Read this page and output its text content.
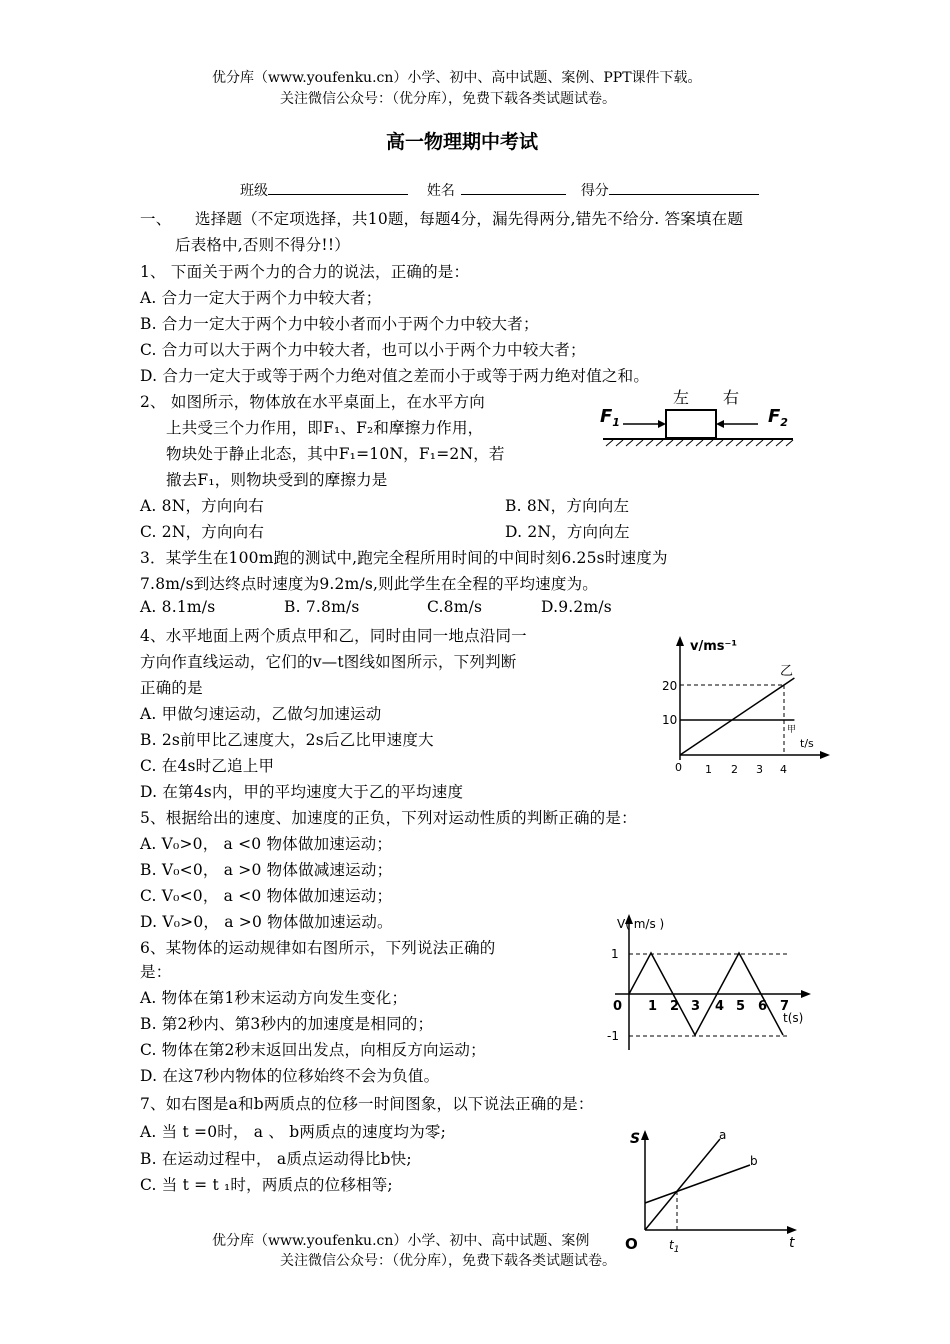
优分库（www.youfenku.cn）小学、初中、高中试题、案例、PPT课件下载。
关注微信公众号：（优分库），免费下载各类试题试卷。
高一物理期中考试
班级	姓名	得分
一、　　选择题（不定项选择，共10题，每题4分，漏先得两分,错先不给分. 答案填在题
后表格中,否则不得分!!）
1、 下面关于两个力的合力的说法，正确的是：
A. 合力一定大于两个力中较大者；
B. 合力一定大于两个力中较小者而小于两个力中较大者；
C. 合力可以大于两个力中较大者，也可以小于两个力中较大者；
D. 合力一定大于或等于两个力绝对值之差而小于或等于两力绝对值之和。
2、 如图所示，物体放在水平桌面上，在水平方向
上共受三个力作用，即F₁、F₂和摩擦力作用，
物块处于静止北态，其中F₁=10N，F₁=2N，若
撤去F₁，则物块受到的摩擦力是
A. 8N，方向向右	B. 8N，方向向左
C. 2N，方向向右	D. 2N，方向向左
左 右
$F_1$	$F_2$
3．某学生在100m跑的测试中,跑完全程所用时间的中间时刻6.25s时速度为
7.8m/s到达终点时速度为9.2m/s,则此学生在全程的平均速度为。
A. 8.1m/s	B. 7.8m/s	C.8m/s	D.9.2m/s
4、水平地面上两个质点甲和乙，同时由同一地点沿同一
方向作直线运动，它们的v—t图线如图所示，下列判断
正确的是
A. 甲做匀速运动，乙做匀加速运动
B. 2s前甲比乙速度大，2s后乙比甲速度大
C. 在4s时乙追上甲
D. 在第4s内，甲的平均速度大于乙的平均速度
v/ms⁻¹
t/s
乙
甲
20
10
0 1 2 3 4
5、根据给出的速度、加速度的正负，下列对运动性质的判断正确的是：
A. V₀>0， a <0 物体做加速运动；
B. V₀<0， a >0 物体做减速运动；
C. V₀<0， a <0 物体做加速运动；
D. V₀>0， a >0 物体做加速运动。
6、某物体的运动规律如右图所示，下列说法正确的
是：
A. 物体在第1秒末运动方向发生变化；
B. 第2秒内、第3秒内的加速度是相同的；
C. 物体在第2秒末返回出发点，向相反方向运动；
D. 在这7秒内物体的位移始终不会为负值。
V( m/s )
t(s)
1
-1
0 1 2 3 4 5 6 7
7、如右图是a和b两质点的位移一时间图象，以下说法正确的是：
A. 当 t =0时， a 、 b两质点的速度均为零;
B. 在运动过程中， a质点运动得比b快;
C. 当 t = t ₁时，两质点的位移相等;
S
t
O	$t_1$
a
b
优分库（www.youfenku.cn）小学、初中、高中试题、案例
关注微信公众号：（优分库），免费下载各类试题试卷。
